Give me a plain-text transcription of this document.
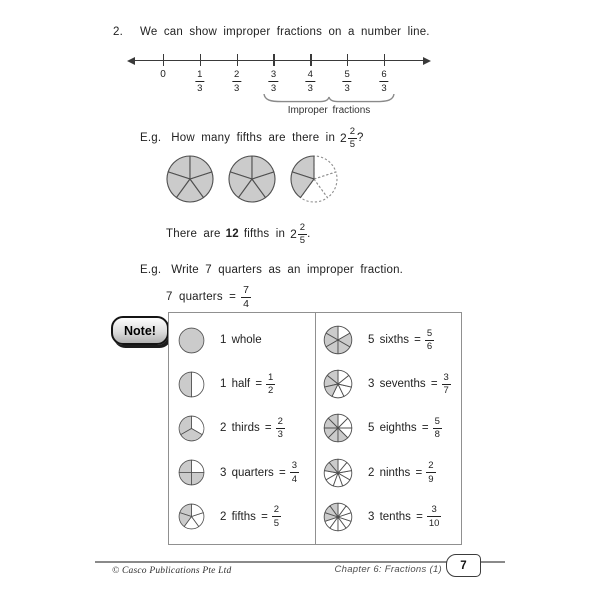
2. We can show improper fractions on a number line.
0	$\frac{1}{3}$	$\frac{2}{3}$	$\frac{3}{3}$	$\frac{4}{3}$	$\frac{5}{3}$	$\frac{6}{3}$
Improper fractions
E.g. How many fifths are there in $2 \frac{2}{5}$ ?
There are 12 fifths in $2 \frac{2}{5}$ .
E.g. Write 7 quarters as an improper fraction.
7 quarters = $\frac{7}{4}$
Note!
1 whole
1 half = $\frac{1}{2}$
2 thirds = $\frac{2}{3}$
3 quarters = $\frac{3}{4}$
2 fifths = $\frac{2}{5}$
5 sixths = $\frac{5}{6}$
3 sevenths = $\frac{3}{7}$
5 eighths = $\frac{5}{8}$
2 ninths = $\frac{2}{9}$
3 tenths = $\frac{3}{10}$
© Casco Publications Pte Ltd	Chapter 6: Fractions (1) 7
